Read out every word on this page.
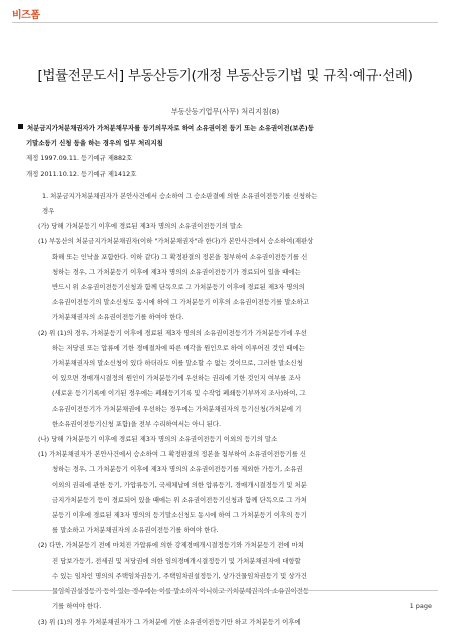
비즈폼
[법률전문도서] 부동산등기(개정 부동산등기법 및 규칙·예규·선례)
부동산등기업무(사무) 처리지침(8)
처분금지가처분채권자가 가처분채무자를 등기의무자로 하여 소유권이전 등기 또는 소유권이전(보존)등
기말소등기 신청 등을 하는 경우의 업무 처리지침
제정 1997.09.11. 등기예규 제882호
개정 2011.10.12. 등기예규 제1412호
1. 처분금지가처분채권자가 본안사건에서 승소하여 그 승소판결에 의한 소유권이전등기를 신청하는
경우
(가) 당해 가처분등기 이후에 경료된 제3자 명의의 소유권이전등기의 말소
(1) 부동산의 처분금지가처분채권자(이하 "가처분채권자"라 한다)가 본안사건에서 승소하여(재판상
화해 또는 인낙을 포함한다. 이하 같다) 그 확정판결의 정본을 첨부하여 소유권이전등기를 신
청하는 경우, 그 가처분등기 이후에 제3자 명의의 소유권이전등기가 경료되어 있을 때에는
반드시 위 소유권이전등기신청과 함께 단독으로 그 가처분등기 이후에 경료된 제3자 명의의
소유권이전등기의 말소신청도 동시에 하여 그 가처분등기 이후의 소유권이전등기를 말소하고
가처분채권자의 소유권이전등기를 하여야 한다.
(2) 위 (1)의 경우, 가처분등기 이후에 경료된 제3자 명의의 소유권이전등기가 가처분등기에 우선
하는 저당권 또는 압류에 기한 경매절차에 따른 매각을 원인으로 하여 이루어진 것인 때에는
가처분채권자의 말소신청이 있다 하더라도 이를 말소할 수 없는 것이므로, 그러한 말소신청
이 있으면 경매개시결정의 원인이 가처분등기에 우선하는 권리에 기한 것인지 여부를 조사
(새로운 등기기록에 이기된 경우에는 폐쇄등기기록 및 수작업 폐쇄등기부까지 조사)하여, 그
소유권이전등기가 가처분채권에 우선하는 경우에는 가처분채권자의 등기신청(가처분에 기
한소유권이전등기신청 포함)을 전부 수리하여서는 아니 된다.
(나) 당해 가처분등기 이후에 경료된 제3자 명의의 소유권이전등기 이외의 등기의 말소
(1) 가처분채권자가 본안사건에서 승소하여 그 확정판결의 정본을 첨부하여 소유권이전등기를 신
청하는 경우, 그 가처분등기 이후에 제3자 명의의 소유권이전등기를 제외한 가등기, 소유권
이외의 권리에 관한 등기, 가압류등기, 국세체납에 의한 압류등기, 경매개시결정등기 및 처분
금지가처분등기 등이 경료되어 있을 때에는 위 소유권이전등기신청과 함께 단독으로 그 가처
분등기 이후에 경료된 제3자 명의의 등기말소신청도 동시에 하여 그 가처분등기 이후의 등기
를 말소하고 가처분채권자의 소유권이전등기를 하여야 한다.
(2) 다만, 가처분등기 전에 마쳐진 가압류에 의한 강제경매개시결정등기와 가처분등기 전에 마쳐
진 담보가등기, 전세권 및 저당권에 의한 임의경매개시결정등기 및 가처분채권자에 대항할
수 있는 임차인 명의의 주택임차권등기, 주택임차권설정등기, 상가건물임차권등기 및 상가건
물임차권설정등기 등이 있는 경우에는 이를 말소하지 아니하고 가처분채권자의 소유권이전등
기를 하여야 한다.
(3) 위 (1)의 경우 가처분채권자가 그 가처분에 기한 소유권이전등기만 하고 가처분등기 이후에
1 page
